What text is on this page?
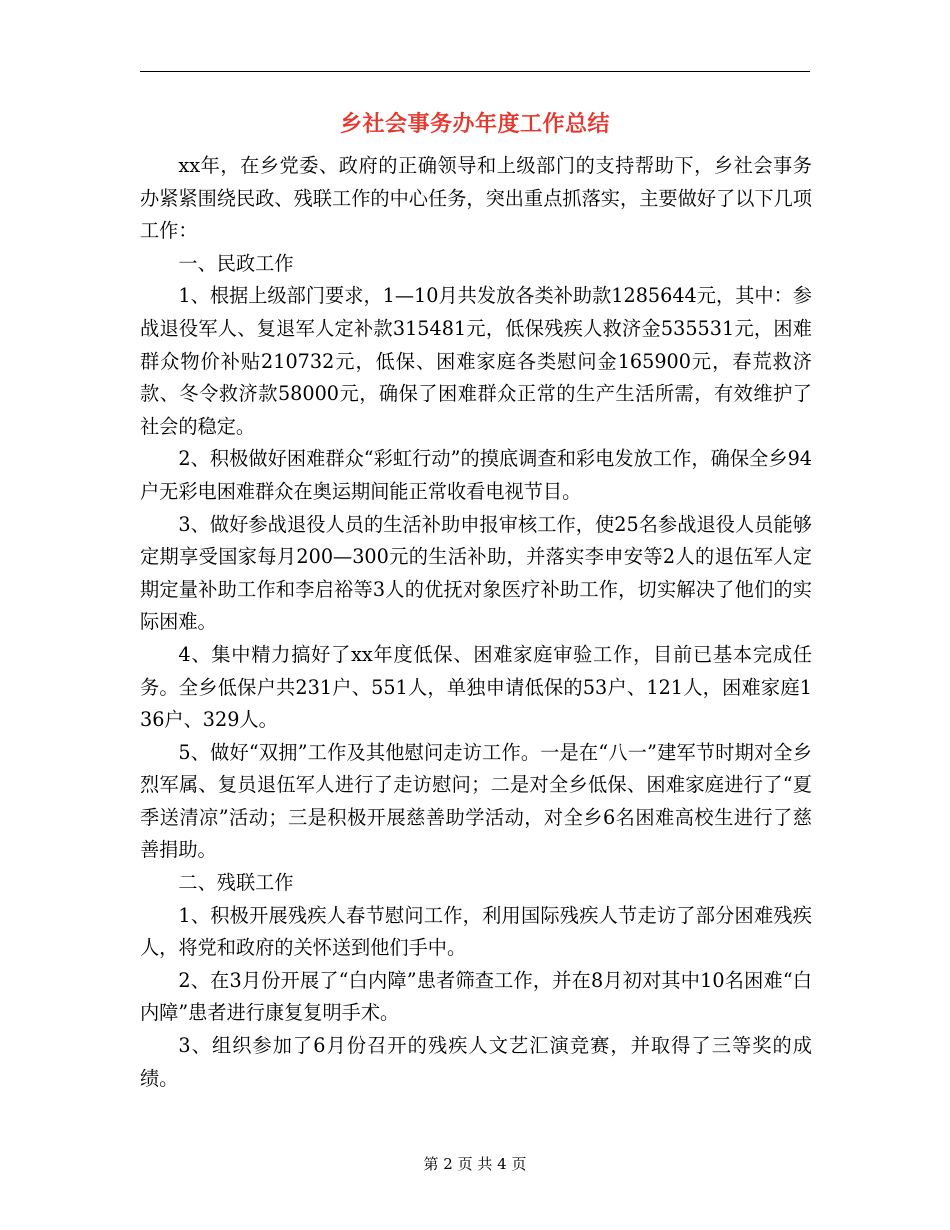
乡社会事务办年度工作总结

xx年，在乡党委、政府的正确领导和上级部门的支持帮助下，乡社会事务办紧紧围绕民政、残联工作的中心任务，突出重点抓落实，主要做好了以下几项工作：

一、民政工作

1、根据上级部门要求，1—10月共发放各类补助款1285644元，其中：参战退役军人、复退军人定补款315481元，低保残疾人救济金535531元，困难群众物价补贴210732元，低保、困难家庭各类慰问金165900元，春荒救济款、冬令救济款58000元，确保了困难群众正常的生产生活所需，有效维护了社会的稳定。

2、积极做好困难群众“彩虹行动”的摸底调查和彩电发放工作，确保全乡94户无彩电困难群众在奥运期间能正常收看电视节目。

3、做好参战退役人员的生活补助申报审核工作，使25名参战退役人员能够定期享受国家每月200—300元的生活补助，并落实李申安等2人的退伍军人定期定量补助工作和李启裕等3人的优抚对象医疗补助工作，切实解决了他们的实际困难。

4、集中精力搞好了xx年度低保、困难家庭审验工作，目前已基本完成任务。全乡低保户共231户、551人，单独申请低保的53户、121人，困难家庭136户、329人。

5、做好“双拥”工作及其他慰问走访工作。一是在“八一”建军节时期对全乡烈军属、复员退伍军人进行了走访慰问；二是对全乡低保、困难家庭进行了“夏季送清凉”活动；三是积极开展慈善助学活动，对全乡6名困难高校生进行了慈善捐助。

二、残联工作

1、积极开展残疾人春节慰问工作，利用国际残疾人节走访了部分困难残疾人，将党和政府的关怀送到他们手中。

2、在3月份开展了“白内障”患者筛查工作，并在8月初对其中10名困难“白内障”患者进行康复复明手术。

3、组织参加了6月份召开的残疾人文艺汇演竞赛，并取得了三等奖的成绩。

第 2 页 共 4 页
